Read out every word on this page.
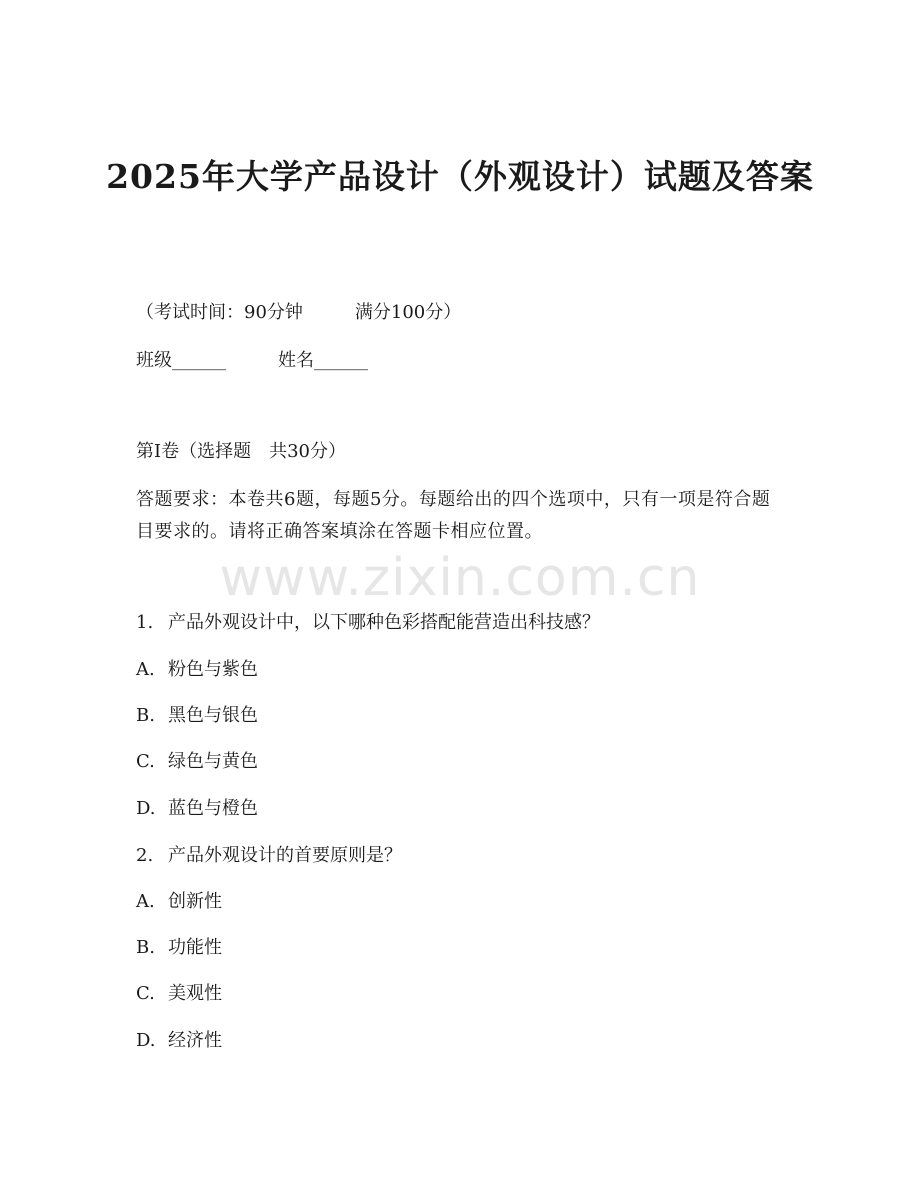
2025年大学产品设计（外观设计）试题及答案

（考试时间：90分钟	满分100分）

班级______	姓名______

第I卷（选择题　共30分）

答题要求：本卷共6题，每题5分。每题给出的四个选项中，只有一项是符合题目要求的。请将正确答案填涂在答题卡相应位置。

www.zixin.com.cn

1. 产品外观设计中，以下哪种色彩搭配能营造出科技感？

A. 粉色与紫色

B. 黑色与银色

C. 绿色与黄色

D. 蓝色与橙色

2. 产品外观设计的首要原则是？

A. 创新性

B. 功能性

C. 美观性

D. 经济性
